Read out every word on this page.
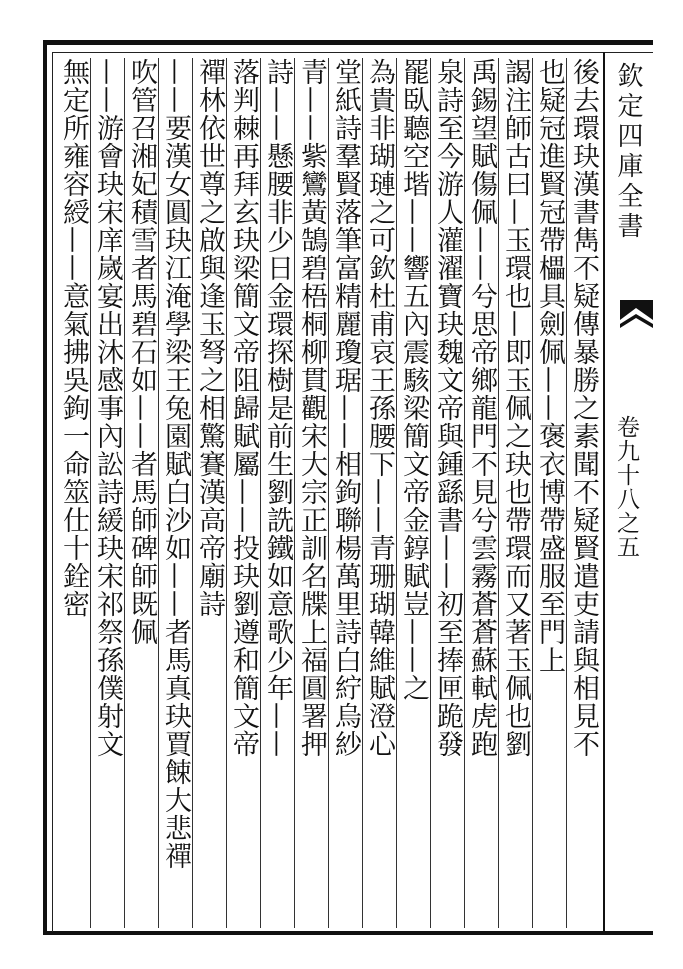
欽定四庫全書
卷九十八之五
後去環玦漢書雋不疑傳暴勝之素聞不疑賢遣吏請與相見不
也疑冠進賢冠帶櫑具劍佩——褒衣博帶盛服至門上
謁注師古曰—玉環也—即玉佩之玦也帶環而又著玉佩也劉
禹錫望賦傷佩——兮思帝鄉龍門不見兮雲霧蒼蒼蘇軾虎跑
泉詩至今游人灌濯寶玦魏文帝與鍾繇書——初至捧匣跪發
罷臥聽空堦——響五內震駭梁簡文帝金錞賦豈——之
為貴非瑚璉之可欽杜甫哀王孫腰下——青珊瑚韓維賦澄心
堂紙詩羣賢落筆富精麗瓊琚——相鉤聯楊萬里詩白紵烏紗
青——紫鸞黃鵠碧梧桐柳貫觀宋大宗正訓名牒上福圓署押
詩——懸腰非少日金環探樹是前生劉詵鐵如意歌少年——
落判棘再拜玄玦梁簡文帝阻歸賦屬——投玦劉遵和簡文帝
禪林依世尊之啟與逢玉弩之相驚賽漢高帝廟詩
——要漢女圓玦江淹學梁王兔園賦白沙如——者馬真玦賈餗大悲禪
吹管召湘妃積雪者馬碧石如——者馬師碑師既佩
——游會玦宋庠嵗宴出沐感事內訟詩緩玦宋祁祭孫僕射文
無定所雍容綬——意氣拂吳鉤一命筮仕十銓密
